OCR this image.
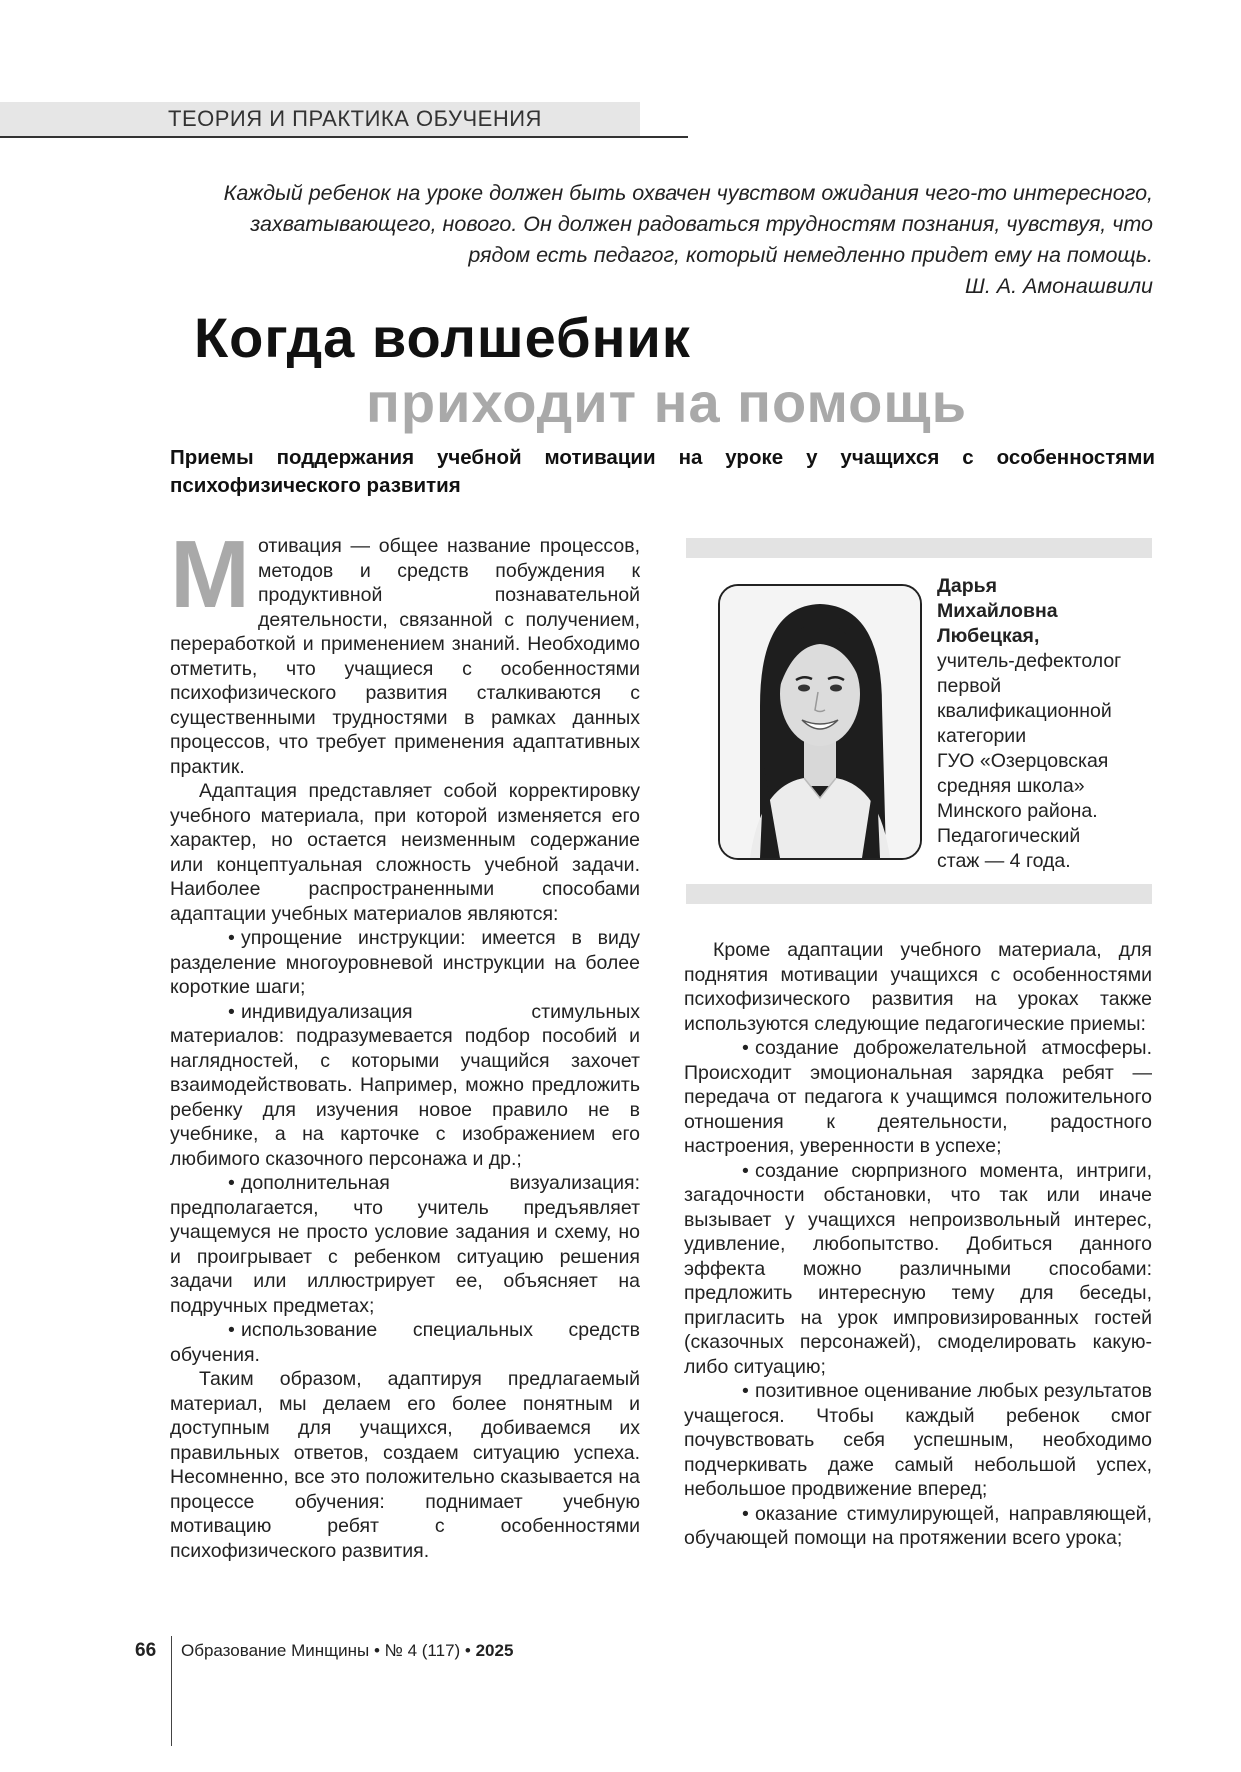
ТЕОРИЯ И ПРАКТИКА ОБУЧЕНИЯ

Каждый ребенок на уроке должен быть охвачен чувством ожидания чего-то интересного,

захватывающего, нового. Он должен радоваться трудностям познания, чувствуя, что

рядом есть педагог, который немедленно придет ему на помощь.

Ш. А. Амонашвили

Когда волшебник
приходит на помощь
Приемы поддержания учебной мотивации на уроке у учащихся с особенностями психофизического развития
М отивация — общее название процессов, методов и средств побуждения к продуктивной познавательной деятельности, связанной с получением, переработкой и применением знаний. Необходимо отметить, что учащиеся с особенностями психофизического развития сталкиваются с существенными трудностями в рамках данных процессов, что требует применения адаптативных практик.

Адаптация представляет собой корректировку учебного материала, при которой изменяется его характер, но остается неизменным содержание или концептуальная сложность учебной задачи. Наиболее распространенными способами адаптации учебных материалов являются:

• упрощение инструкции: имеется в виду разделение многоуровневой инструкции на более короткие шаги;

• индивидуализация стимульных материалов: подразумевается подбор пособий и наглядностей, с которыми учащийся захочет взаимодействовать. Например, можно предложить ребенку для изучения новое правило не в учебнике, а на карточке с изображением его любимого сказочного персонажа и др.;

• дополнительная визуализация: предполагается, что учитель предъявляет учащемуся не просто условие задания и схему, но и проигрывает с ребенком ситуацию решения задачи или иллюстрирует ее, объясняет на подручных предметах;

• использование специальных средств обучения.

Таким образом, адаптируя предлагаемый материал, мы делаем его более понятным и доступным для учащихся, добиваемся их правильных ответов, создаем ситуацию успеха. Несомненно, все это положительно сказывается на процессе обучения: поднимает учебную мотивацию ребят с особенностями психофизического развития.

Дарья

Михайловна

Любецкая,

учитель-дефектолог

первой

квалификационной

категории

ГУО «Озерцовская

средняя школа»

Минского района.

Педагогический

стаж — 4 года.

Кроме адаптации учебного материала, для поднятия мотивации учащихся с особенностями психофизического развития на уроках также используются следующие педагогические приемы:

• создание доброжелательной атмосферы. Происходит эмоциональная зарядка ребят — передача от педагога к учащимся положительного отношения к деятельности, радостного настроения, уверенности в успехе;

• создание сюрпризного момента, интриги, загадочности обстановки, что так или иначе вызывает у учащихся непроизвольный интерес, удивление, любопытство. Добиться данного эффекта можно различными способами: предложить интересную тему для беседы, пригласить на урок импровизированных гостей (сказочных персонажей), смоделировать какую-либо ситуацию;

• позитивное оценивание любых результатов учащегося. Чтобы каждый ребенок смог почувствовать себя успешным, необходимо подчеркивать даже самый небольшой успех, небольшое продвижение вперед;

• оказание стимулирующей, направляющей, обучающей помощи на протяжении всего урока;

66 Образование Минщины • № 4 (117) • 2025
